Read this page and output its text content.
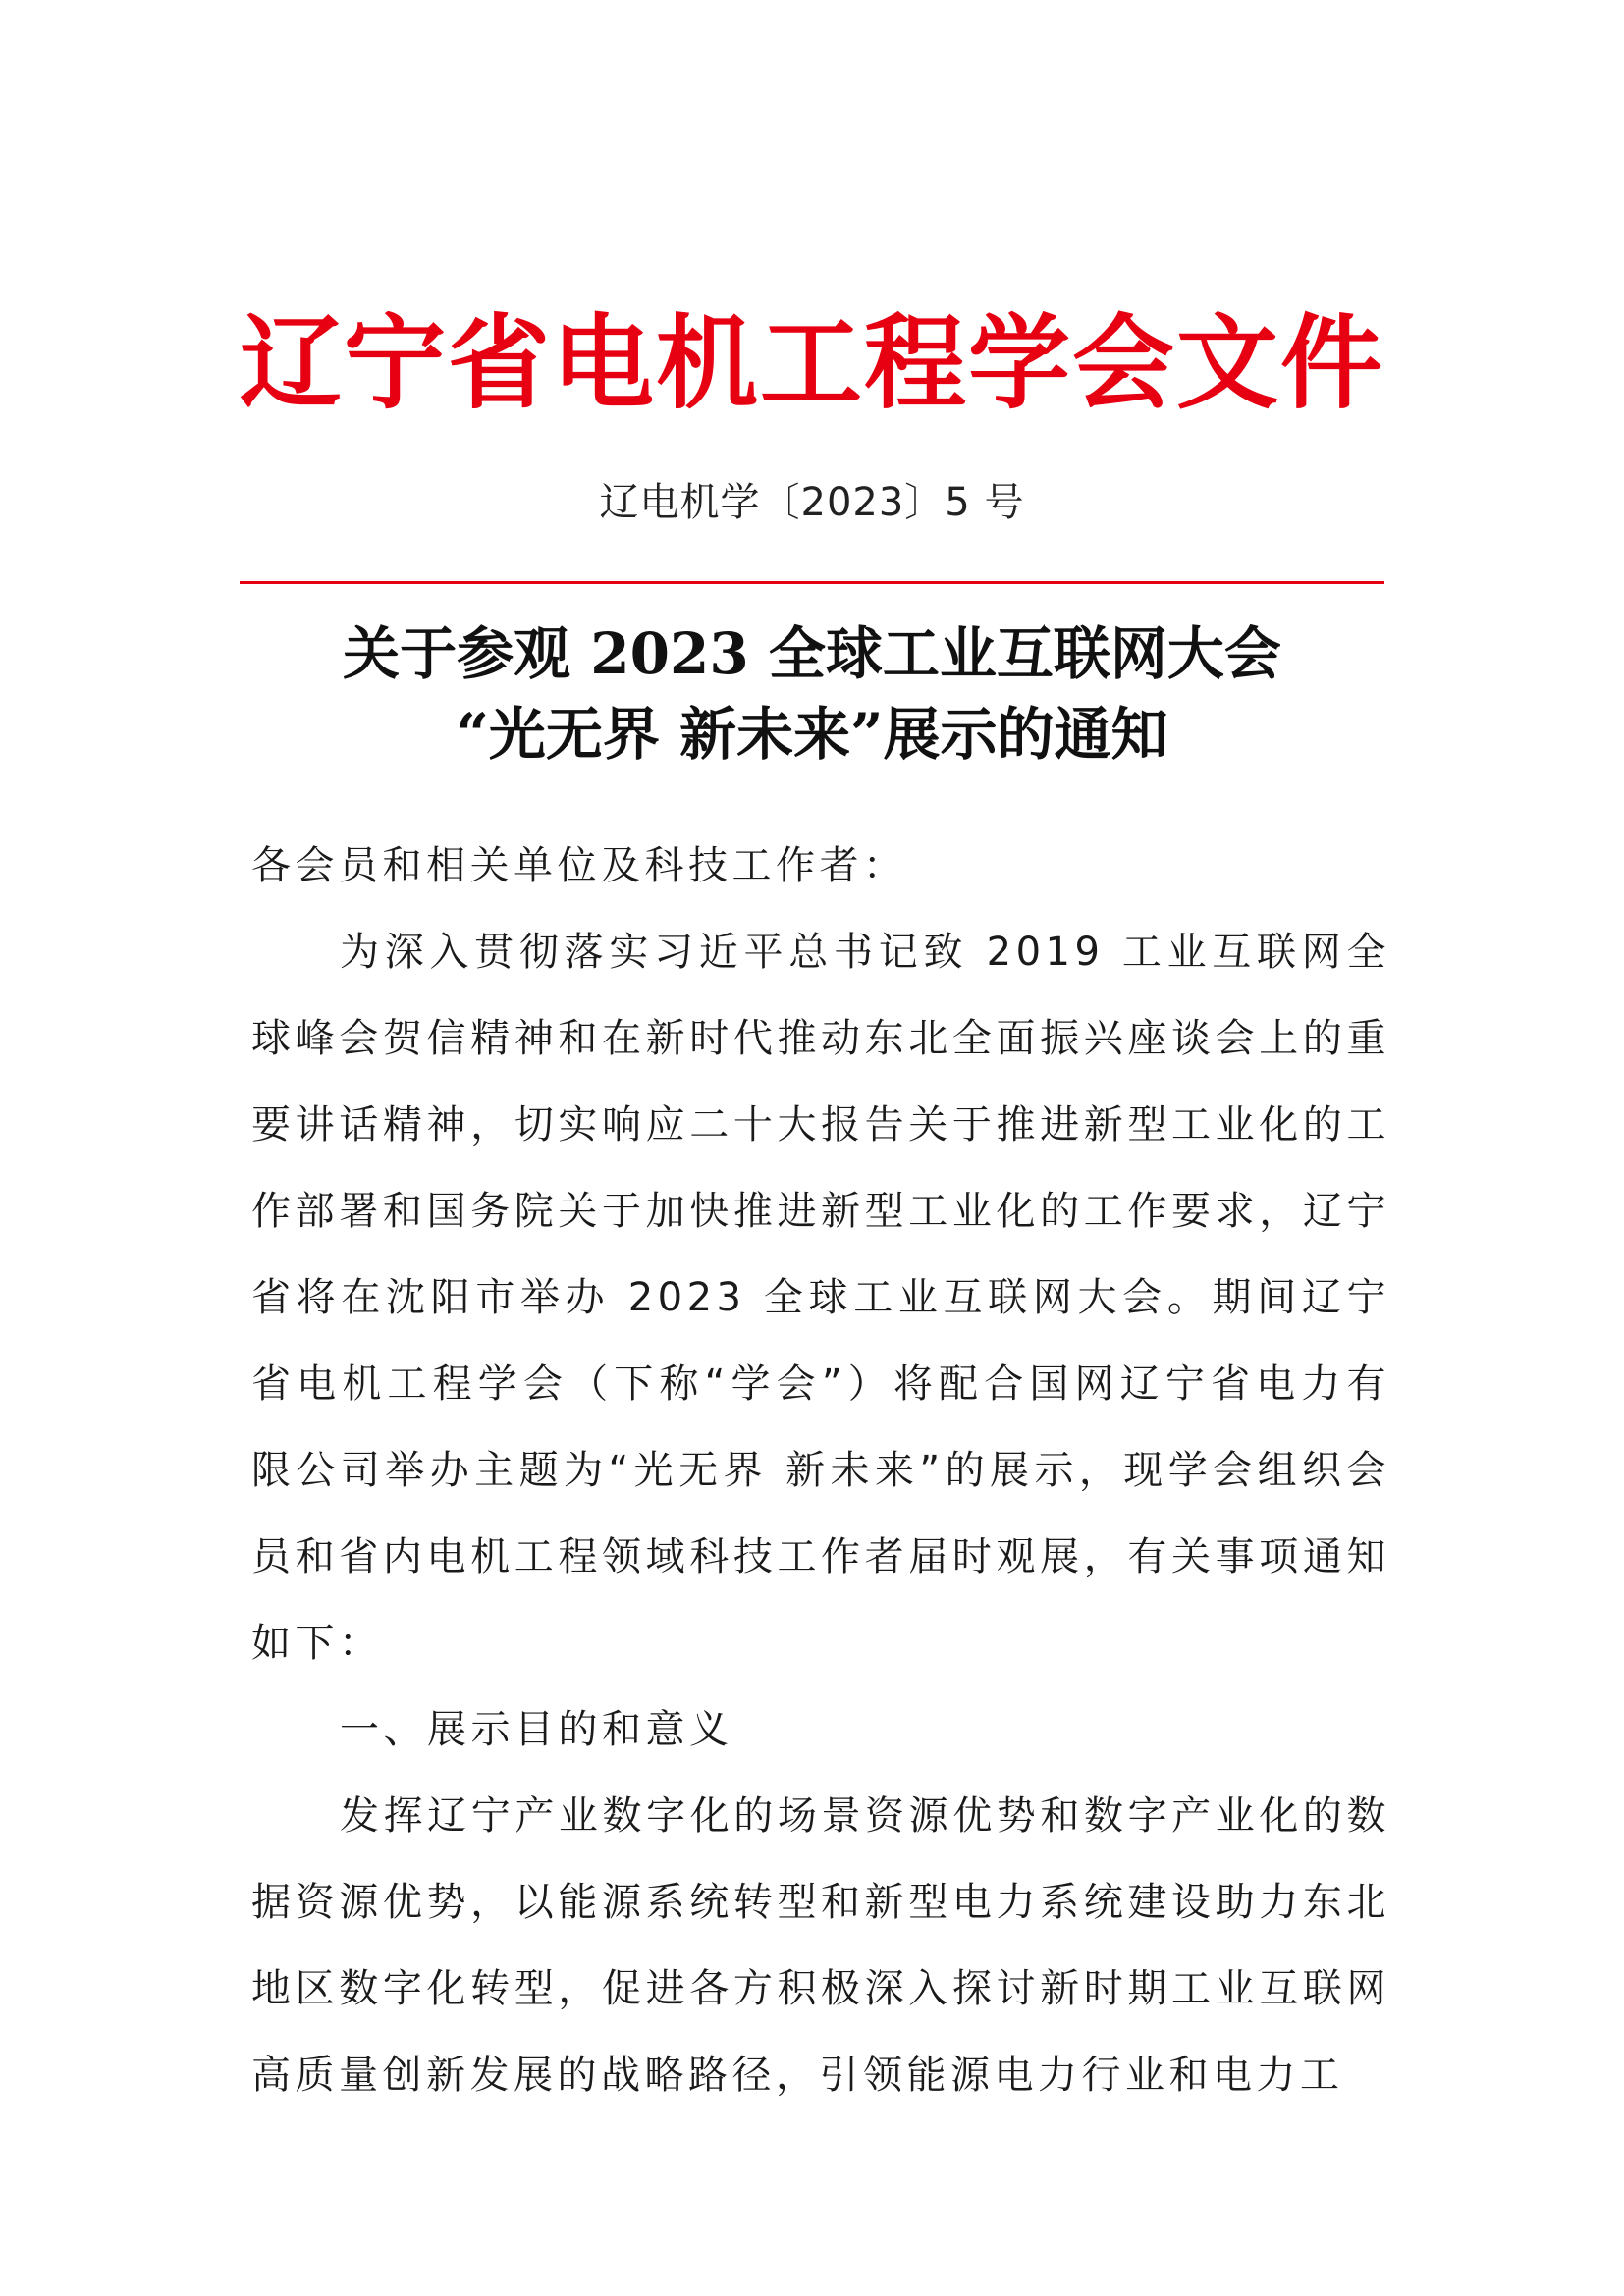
辽宁省电机工程学会文件
辽电机学〔2023〕5 号
关于参观 2023 全球工业互联网大会
“光无界 新未来”展示的通知

各会员和相关单位及科技工作者：

为深入贯彻落实习近平总书记致 2019 工业互联网全球峰会贺信精神和在新时代推动东北全面振兴座谈会上的重要讲话精神，切实响应二十大报告关于推进新型工业化的工作部署和国务院关于加快推进新型工业化的工作要求，辽宁省将在沈阳市举办 2023 全球工业互联网大会。期间辽宁省电机工程学会（下称“学会”）将配合国网辽宁省电力有限公司举办主题为“光无界 新未来”的展示，现学会组织会员和省内电机工程领域科技工作者届时观展，有关事项通知如下：

一、展示目的和意义

发挥辽宁产业数字化的场景资源优势和数字产业化的数据资源优势，以能源系统转型和新型电力系统建设助力东北地区数字化转型，促进各方积极深入探讨新时期工业互联网高质量创新发展的战略路径，引领能源电力行业和电力工
